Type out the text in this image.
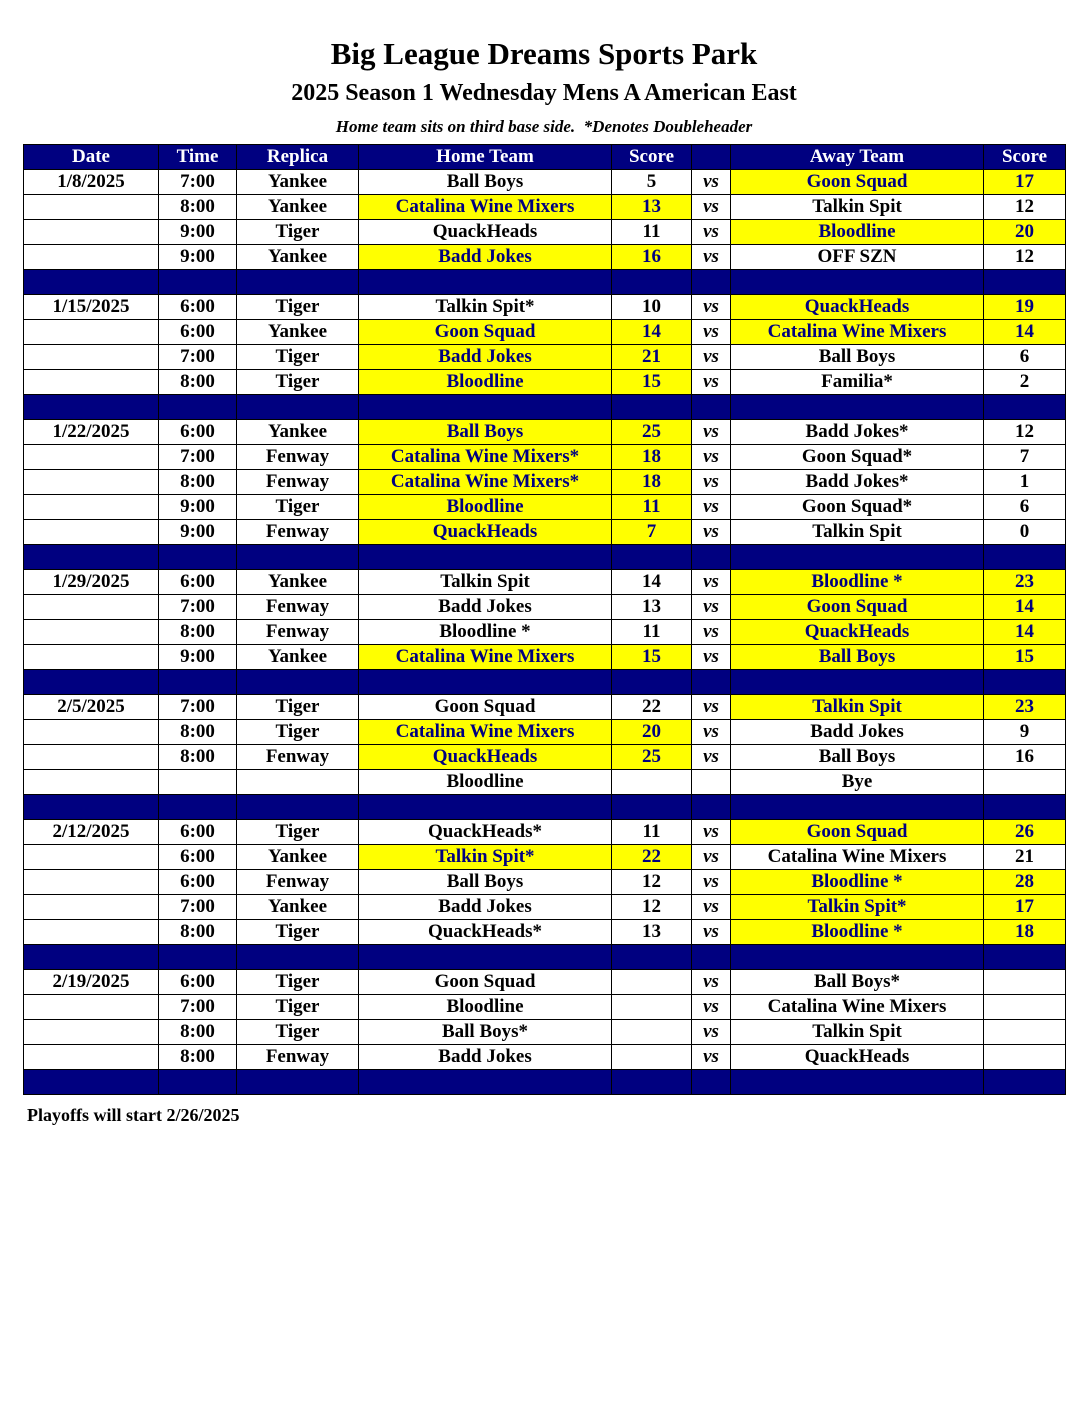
Big League Dreams Sports Park
2025 Season 1 Wednesday Mens A American East
Home team sits on third base side.  *Denotes Doubleheader
Date	Time	Replica	Home Team	Score		Away Team	Score
1/8/2025	7:00	Yankee	Ball Boys	5	vs	Goon Squad	17
	8:00	Yankee	Catalina Wine Mixers	13	vs	Talkin Spit	12
	9:00	Tiger	QuackHeads	11	vs	Bloodline	20
	9:00	Yankee	Badd Jokes	16	vs	OFF SZN	12

1/15/2025	6:00	Tiger	Talkin Spit*	10	vs	QuackHeads	19
	6:00	Yankee	Goon Squad	14	vs	Catalina Wine Mixers	14
	7:00	Tiger	Badd Jokes	21	vs	Ball Boys	6
	8:00	Tiger	Bloodline	15	vs	Familia*	2

1/22/2025	6:00	Yankee	Ball Boys	25	vs	Badd Jokes*	12
	7:00	Fenway	Catalina Wine Mixers*	18	vs	Goon Squad*	7
	8:00	Fenway	Catalina Wine Mixers*	18	vs	Badd Jokes*	1
	9:00	Tiger	Bloodline	11	vs	Goon Squad*	6
	9:00	Fenway	QuackHeads	7	vs	Talkin Spit	0

1/29/2025	6:00	Yankee	Talkin Spit	14	vs	Bloodline *	23
	7:00	Fenway	Badd Jokes	13	vs	Goon Squad	14
	8:00	Fenway	Bloodline *	11	vs	QuackHeads	14
	9:00	Yankee	Catalina Wine Mixers	15	vs	Ball Boys	15

2/5/2025	7:00	Tiger	Goon Squad	22	vs	Talkin Spit	23
	8:00	Tiger	Catalina Wine Mixers	20	vs	Badd Jokes	9
	8:00	Fenway	QuackHeads	25	vs	Ball Boys	16
			Bloodline			Bye	

2/12/2025	6:00	Tiger	QuackHeads*	11	vs	Goon Squad	26
	6:00	Yankee	Talkin Spit*	22	vs	Catalina Wine Mixers	21
	6:00	Fenway	Ball Boys	12	vs	Bloodline *	28
	7:00	Yankee	Badd Jokes	12	vs	Talkin Spit*	17
	8:00	Tiger	QuackHeads*	13	vs	Bloodline *	18

2/19/2025	6:00	Tiger	Goon Squad		vs	Ball Boys*	
	7:00	Tiger	Bloodline		vs	Catalina Wine Mixers	
	8:00	Tiger	Ball Boys*		vs	Talkin Spit	
	8:00	Fenway	Badd Jokes		vs	QuackHeads	

Playoffs will start 2/26/2025
